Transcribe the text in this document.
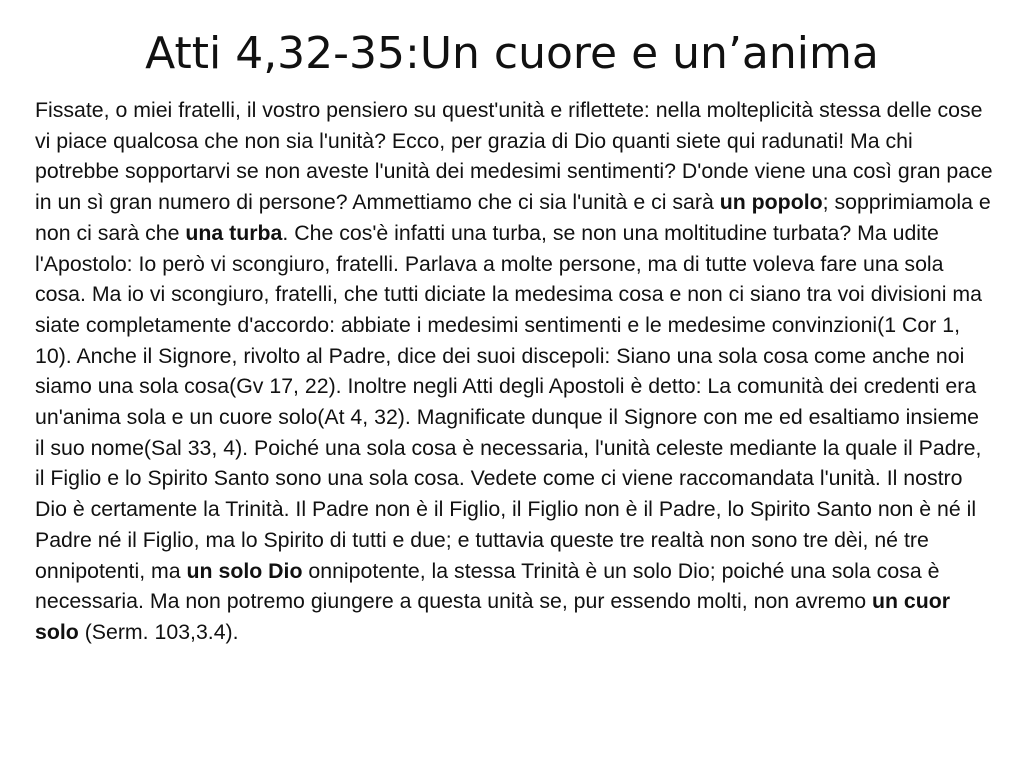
Atti 4,32-35:Un cuore e un’anima
Fissate, o miei fratelli, il vostro pensiero su quest'unità e riflettete: nella molteplicità stessa delle cose vi piace qualcosa che non sia l'unità? Ecco, per grazia di Dio quanti siete qui radunati! Ma chi potrebbe sopportarvi se non aveste l'unità dei medesimi sentimenti? D'onde viene una così gran pace in un sì gran numero di persone? Ammettiamo che ci sia l'unità e ci sarà un popolo; sopprimiamola e non ci sarà che una turba. Che cos'è infatti una turba, se non una moltitudine turbata? Ma udite l'Apostolo: Io però vi scongiuro, fratelli. Parlava a molte persone, ma di tutte voleva fare una sola cosa. Ma io vi scongiuro, fratelli, che tutti diciate la medesima cosa e non ci siano tra voi divisioni ma siate completamente d'accordo: abbiate i medesimi sentimenti e le medesime convinzioni(1 Cor 1, 10). Anche il Signore, rivolto al Padre, dice dei suoi discepoli: Siano una sola cosa come anche noi siamo una sola cosa(Gv 17, 22). Inoltre negli Atti degli Apostoli è detto: La comunità dei credenti era un'anima sola e un cuore solo(At 4, 32). Magnificate dunque il Signore con me ed esaltiamo insieme il suo nome(Sal 33, 4). Poiché una sola cosa è necessaria, l'unità celeste mediante la quale il Padre, il Figlio e lo Spirito Santo sono una sola cosa. Vedete come ci viene raccomandata l'unità. Il nostro Dio è certamente la Trinità. Il Padre non è il Figlio, il Figlio non è il Padre, lo Spirito Santo non è né il Padre né il Figlio, ma lo Spirito di tutti e due; e tuttavia queste tre realtà non sono tre dèi, né tre onnipotenti, ma un solo Dio onnipotente, la stessa Trinità è un solo Dio; poiché una sola cosa è necessaria. Ma non potremo giungere a questa unità se, pur essendo molti, non avremo un cuor solo (Serm. 103,3.4).
